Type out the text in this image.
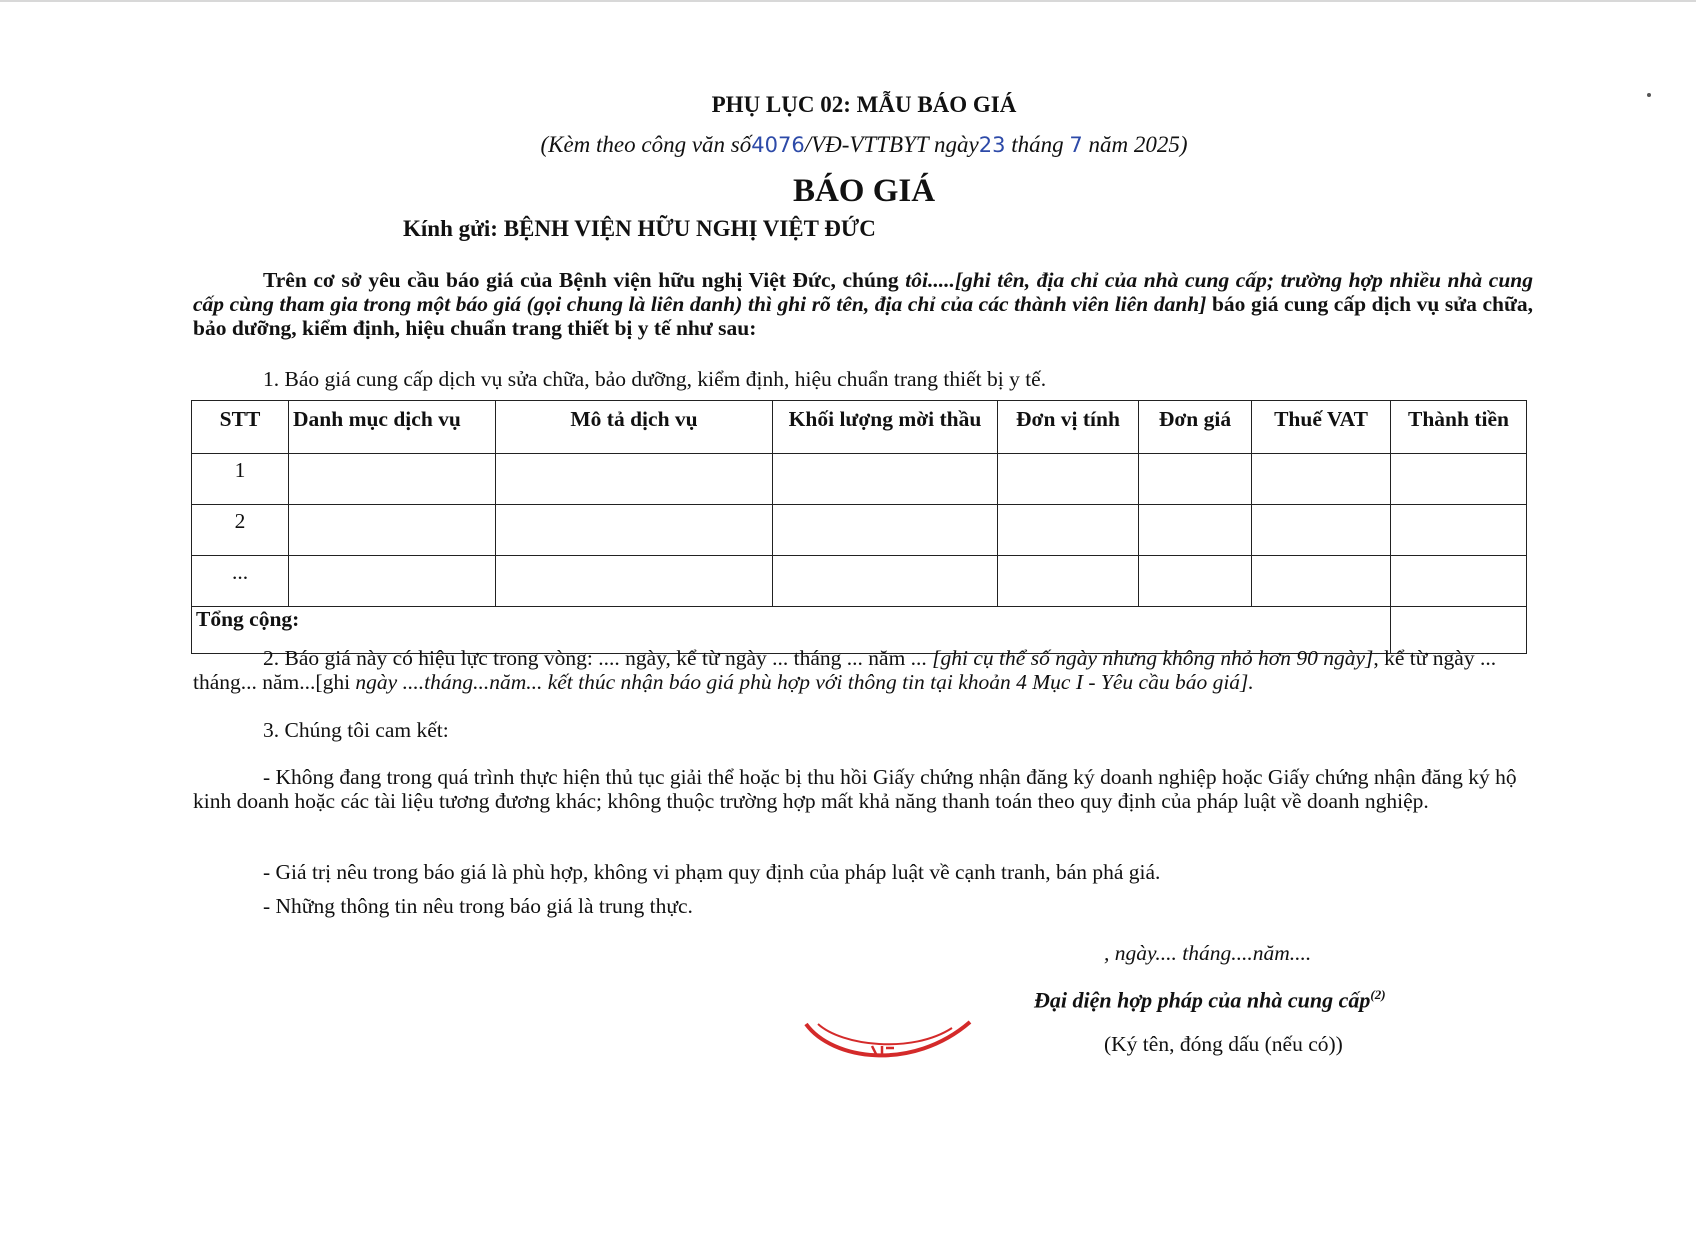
PHỤ LỤC 02: MẪU BÁO GIÁ
(Kèm theo công văn số4076/VĐ-VTTBYT ngày23 tháng 7 năm 2025)
BÁO GIÁ
Kính gửi: BỆNH VIỆN HỮU NGHỊ VIỆT ĐỨC
Trên cơ sở yêu cầu báo giá của Bệnh viện hữu nghị Việt Đức, chúng tôi.....[ghi tên, địa chỉ của nhà cung cấp; trường hợp nhiều nhà cung cấp cùng tham gia trong một báo giá (gọi chung là liên danh) thì ghi rõ tên, địa chỉ của các thành viên liên danh] báo giá cung cấp dịch vụ sửa chữa, bảo dưỡng, kiểm định, hiệu chuẩn trang thiết bị y tế như sau:
1. Báo giá cung cấp dịch vụ sửa chữa, bảo dưỡng, kiểm định, hiệu chuẩn trang thiết bị y tế.
STT	Danh mục dịch vụ	Mô tả dịch vụ	Khối lượng mời thầu	Đơn vị tính	Đơn giá	Thuế VAT	Thành tiền
1							
2							
...							
Tổng cộng:							
2. Báo giá này có hiệu lực trong vòng: .... ngày, kể từ ngày ... tháng ... năm ... [ghi cụ thể số ngày nhưng không nhỏ hơn 90 ngày], kể từ ngày ... tháng... năm...[ghi ngày ....tháng...năm... kết thúc nhận báo giá phù hợp với thông tin tại khoản 4 Mục I - Yêu cầu báo giá].
3. Chúng tôi cam kết:
- Không đang trong quá trình thực hiện thủ tục giải thể hoặc bị thu hồi Giấy chứng nhận đăng ký doanh nghiệp hoặc Giấy chứng nhận đăng ký hộ kinh doanh hoặc các tài liệu tương đương khác; không thuộc trường hợp mất khả năng thanh toán theo quy định của pháp luật về doanh nghiệp.
- Giá trị nêu trong báo giá là phù hợp, không vi phạm quy định của pháp luật về cạnh tranh, bán phá giá.
- Những thông tin nêu trong báo giá là trung thực.
, ngày.... tháng....năm....
Đại diện hợp pháp của nhà cung cấp$^{(2)}$
(Ký tên, đóng dấu (nếu có))
